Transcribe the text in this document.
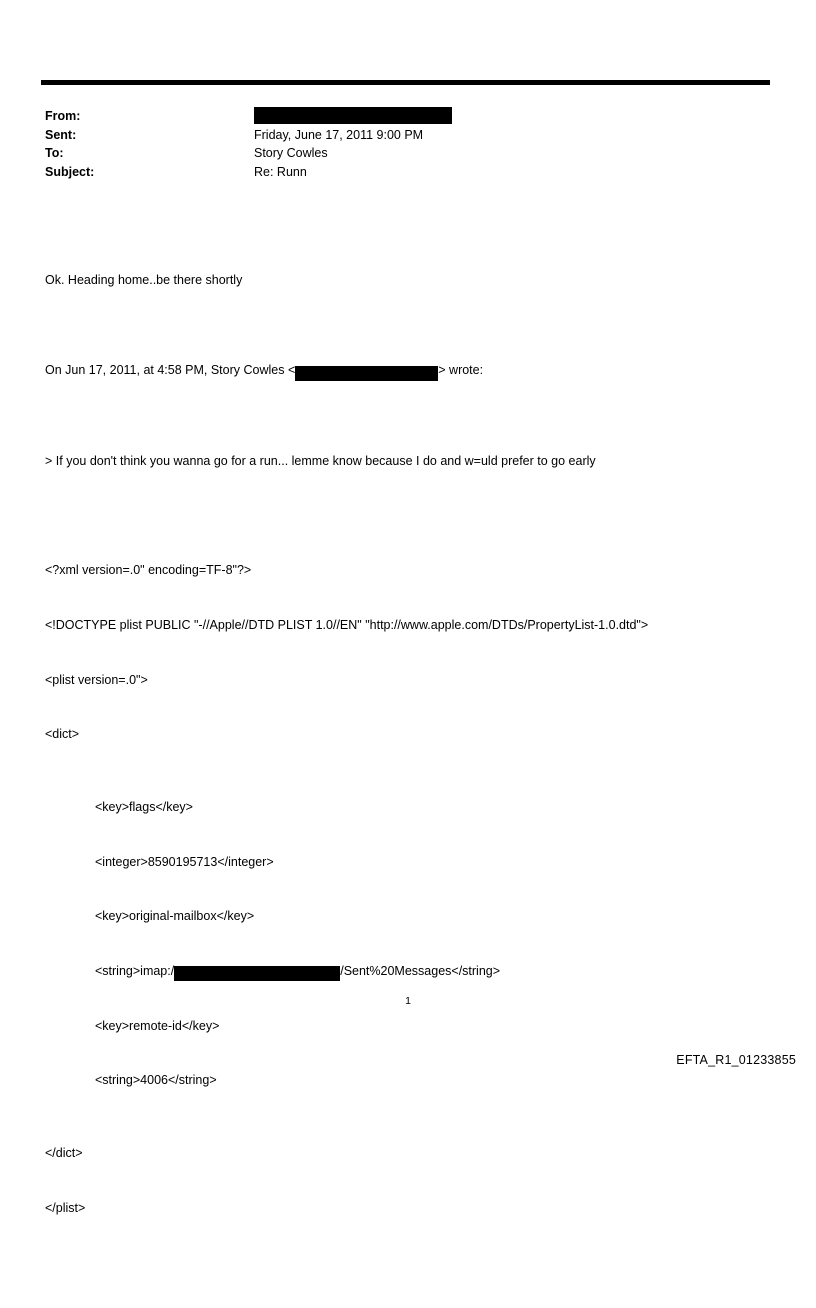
From:
Sent:	Friday, June 17, 2011 9:00 PM
To:	Story Cowles
Subject:	Re: Runn

Ok. Heading home..be there shortly

On Jun 17, 2011, at 4:58 PM, Story Cowles <	> wrote:

> If you don't think you wanna go for a run... lemme know because I do and w=uld prefer to go early

<?xml version=.0" encoding=TF-8"?>

<!DOCTYPE plist PUBLIC "-//Apple//DTD PLIST 1.0//EN" "http://www.apple.com/DTDs/PropertyList-1.0.dtd">

<plist version=.0">

<dict>

<key>flags</key>

<integer>8590195713</integer>

<key>original-mailbox</key>

<string>imap:/	/Sent%20Messages</string>

<key>remote-id</key>

<string>4006</string>

</dict>

</plist>

1
EFTA_R1_01233855
